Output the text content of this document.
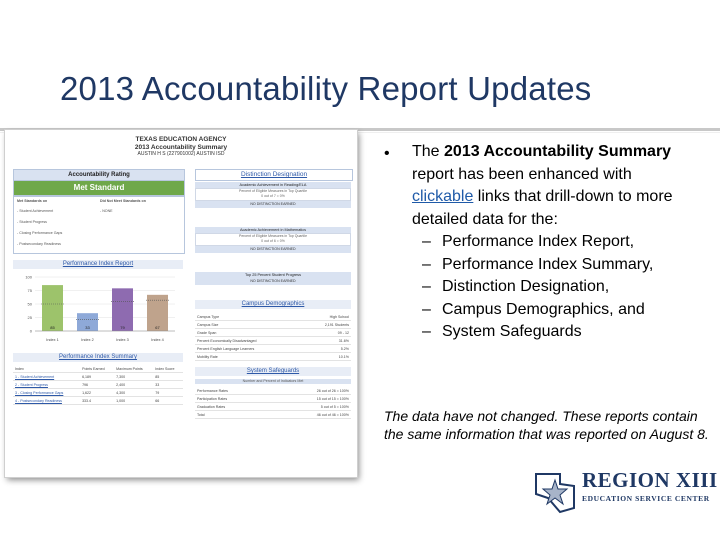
2013 Accountability Report Updates
TEXAS EDUCATION AGENCY
2013 Accountability Summary
AUSTIN H S (227901002) AUSTIN ISD
Accountability Rating
Met Standard
Met Standards on	Did Not Meet Standards on
- Student Achievement
- Student Progress
- Closing Performance Gaps
- Postsecondary Readiness
- NONE
Performance Index Report
Performance Index Summary
Index	Points Earned	Maximum Points	Index Score
1 - Student Achievement	6,189	7,300	85
2 - Student Progress	796	2,400	33
3 - Closing Performance Gaps	1,622	4,300	79
4 - Postsecondary Readiness	333.4	1,000	66
Distinction Designation
Academic Achievement in Reading/ELA
Percent of Eligible Measures in Top Quartile
0 out of 7 = 0%
NO DISTINCTION EARNED
Academic Achievement in Mathematics
Percent of Eligible Measures in Top Quartile
0 out of 6 = 0%
NO DISTINCTION EARNED
Top 25 Percent Student Progress
NO DISTINCTION EARNED
Campus Demographics
Campus Type	High School
Campus Size	2,191 Students
Grade Span	09 - 12
Percent Economically Disadvantaged	31.6%
Percent English Language Learners	5.2%
Mobility Rate	10.1%
System Safeguards
Number and Percent of Indicators Met
Performance Rates	26 out of 26 = 100%
Participation Rates	15 out of 15 = 100%
Graduation Rates	5 out of 5 = 100%
Total	46 out of 46 = 100%
0
25
50
75
100
85
Index 1
33
Index 2
79
Index 3
67
Index 4
• The 2013 Accountability Summary
report has been enhanced with
clickable links that drill-down to more
detailed data for the:
– Performance Index Report,
– Performance Index Summary,
– Distinction Designation,
– Campus Demographics, and
– System Safeguards
The data have not changed. These reports contain the same information that was reported on August 8.
REGION XIII
EDUCATION SERVICE CENTER
